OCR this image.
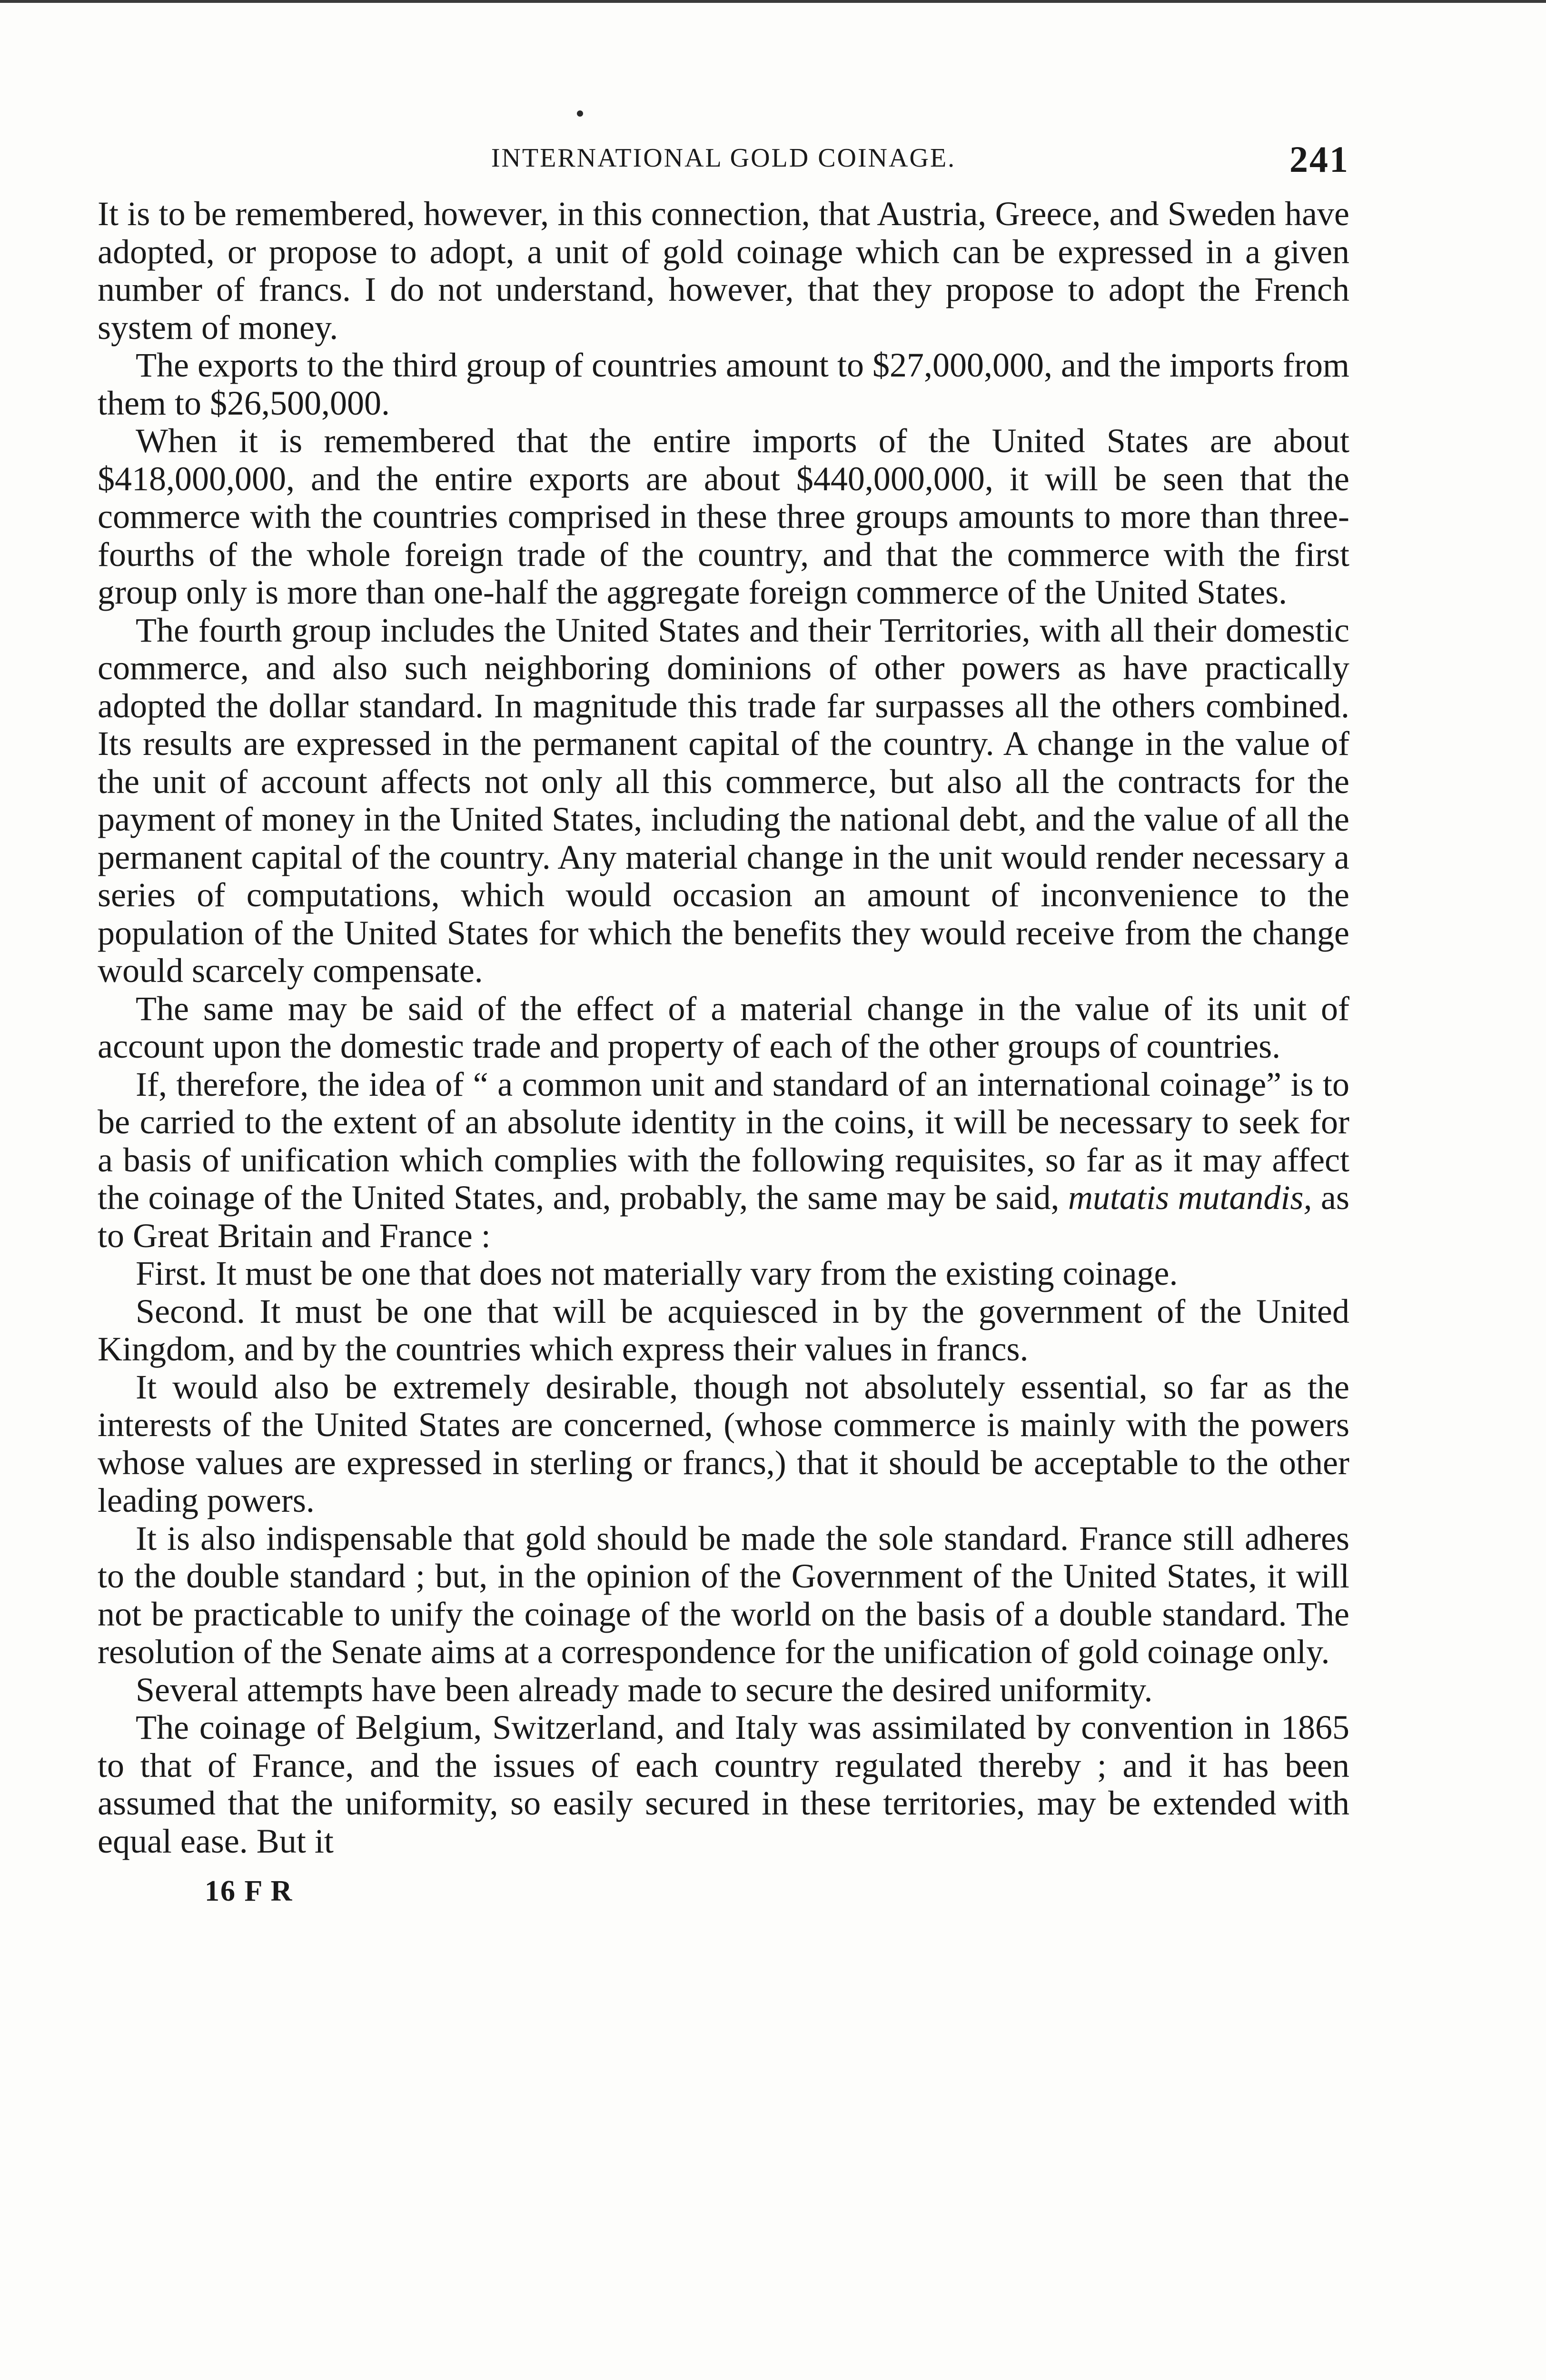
INTERNATIONAL GOLD COINAGE.	241

It is to be remembered, however, in this connection, that Austria, Greece, and Sweden have adopted, or propose to adopt, a unit of gold coinage which can be expressed in a given number of francs. I do not understand, however, that they propose to adopt the French system of money.

The exports to the third group of countries amount to $27,000,000, and the imports from them to $26,500,000.

When it is remembered that the entire imports of the United States are about $418,000,000, and the entire exports are about $440,000,000, it will be seen that the commerce with the countries comprised in these three groups amounts to more than three-fourths of the whole foreign trade of the country, and that the commerce with the first group only is more than one-half the aggregate foreign commerce of the United States.

The fourth group includes the United States and their Territories, with all their domestic commerce, and also such neighboring dominions of other powers as have practically adopted the dollar standard. In magnitude this trade far surpasses all the others combined. Its results are expressed in the permanent capital of the country. A change in the value of the unit of account affects not only all this commerce, but also all the contracts for the payment of money in the United States, including the national debt, and the value of all the permanent capital of the country. Any material change in the unit would render necessary a series of computations, which would occasion an amount of inconvenience to the population of the United States for which the benefits they would receive from the change would scarcely compensate.

The same may be said of the effect of a material change in the value of its unit of account upon the domestic trade and property of each of the other groups of countries.

If, therefore, the idea of “ a common unit and standard of an international coinage” is to be carried to the extent of an absolute identity in the coins, it will be necessary to seek for a basis of unification which complies with the following requisites, so far as it may affect the coinage of the United States, and, probably, the same may be said, mutatis mutandis, as to Great Britain and France :

First. It must be one that does not materially vary from the existing coinage.

Second. It must be one that will be acquiesced in by the government of the United Kingdom, and by the countries which express their values in francs.

It would also be extremely desirable, though not absolutely essential, so far as the interests of the United States are concerned, (whose commerce is mainly with the powers whose values are expressed in sterling or francs,) that it should be acceptable to the other leading powers.

It is also indispensable that gold should be made the sole standard. France still adheres to the double standard ; but, in the opinion of the Government of the United States, it will not be practicable to unify the coinage of the world on the basis of a double standard. The resolution of the Senate aims at a correspondence for the unification of gold coinage only.

Several attempts have been already made to secure the desired uniformity.

The coinage of Belgium, Switzerland, and Italy was assimilated by convention in 1865 to that of France, and the issues of each country regulated thereby ; and it has been assumed that the uniformity, so easily secured in these territories, may be extended with equal ease. But it

16 F R
